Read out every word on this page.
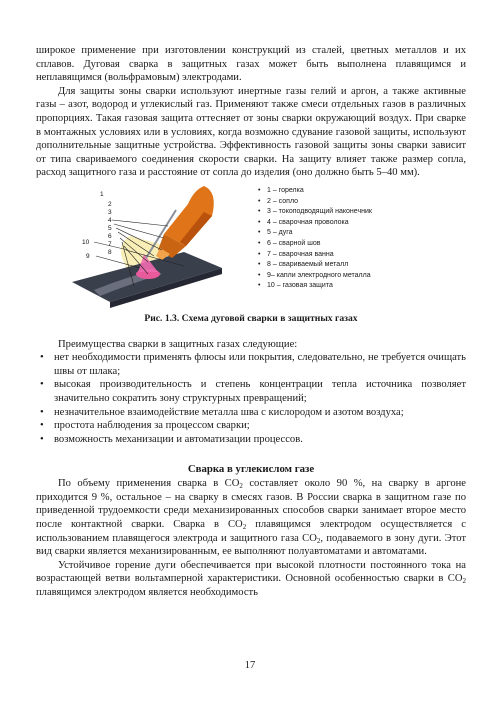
широкое применение при изготовлении конструкций из сталей, цветных металлов и их сплавов. Дуговая сварка в защитных газах может быть выполнена плавящимся и неплавящимся (вольфрамовым) электродами.

Для защиты зоны сварки используют инертные газы гелий и аргон, а также активные газы – азот, водород и углекислый газ. Применяют также смеси отдельных газов в различных пропорциях. Такая газовая защита оттесняет от зоны сварки окружающий воздух. При сварке в монтажных условиях или в условиях, когда возможно сдувание газовой защиты, используют дополнительные защитные устройства. Эффективность газовой защиты зоны сварки зависит от типа свариваемого соединения скорости сварки. На защиту влияет также размер сопла, расход защитного газа и расстояние от сопла до изделия (оно должно быть 5–40 мм).

1
2
3
4
5
6
7
8
9
10
• 1 – горелка
• 2 – сопло
• 3 – токоподводящий наконечник
• 4 – сварочная проволока
• 5 – дуга
• 6 – сварной шов
• 7 – сварочная ванна
• 8 – свариваемый металл
• 9– капли электродного металла
• 10 – газовая защита

Рис. 1.3. Схема дуговой сварки в защитных газах

Преимущества сварки в защитных газах следующие:

• нет необходимости применять флюсы или покрытия, следовательно, не требуется очищать швы от шлака;
• высокая производительность и степень концентрации тепла источника позволяет значительно сократить зону структурных превращений;
• незначительное взаимодействие металла шва с кислородом и азотом воздуха;
• простота наблюдения за процессом сварки;
• возможность механизации и автоматизации процессов.
Сварка в углекислом газе

По объему применения сварка в $СО_2$ составляет около 90 %, на сварку в аргоне приходится 9 %, остальное – на сварку в смесях газов. В России сварка в защитном газе по приведенной трудоемкости среди механизированных способов сварки занимает второе место после контактной сварки. Сварка в $СО_2$ плавящимся электродом осуществляется с использованием плавящегося электрода и защитного газа $СО_2$, подаваемого в зону дуги. Этот вид сварки является механизированным, ее выполняют полуавтоматами и автоматами.

Устойчивое горение дуги обеспечивается при высокой плотности постоянного тока на возрастающей ветви вольтамперной характеристики. Основной особенностью сварки в $СО_2$ плавящимся электродом является необходимость

17
